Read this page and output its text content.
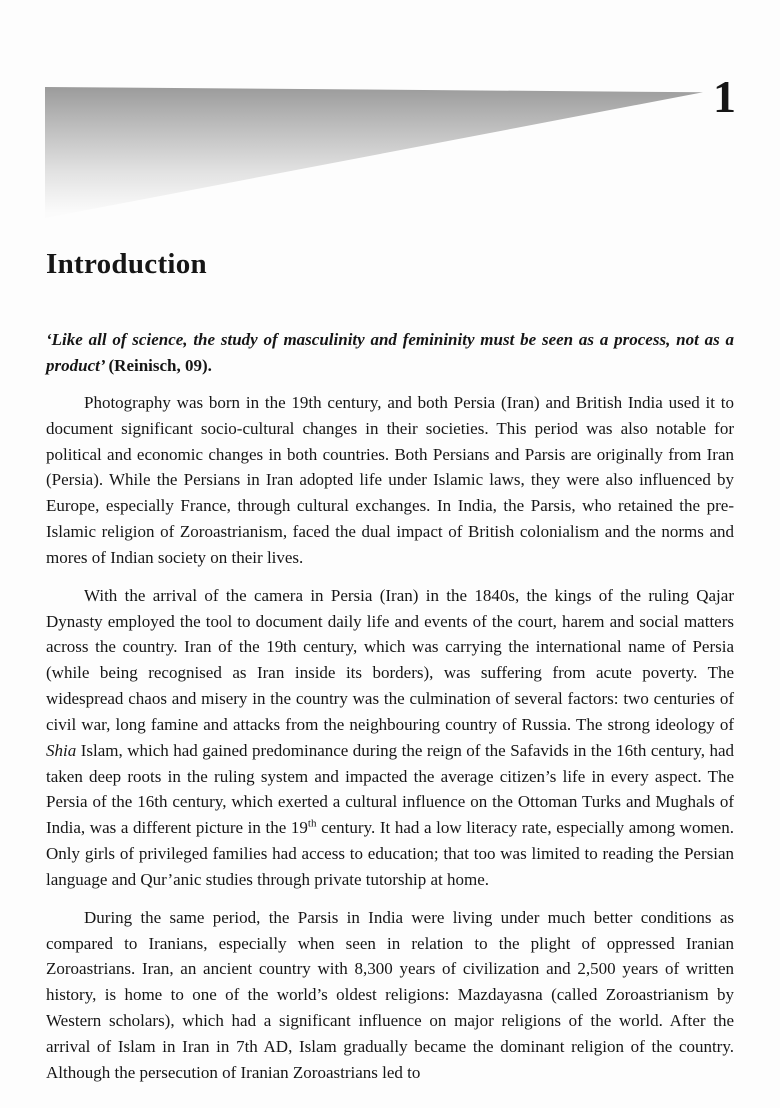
1
Introduction

‘Like all of science, the study of masculinity and femininity must be seen as a process, not as a product’ (Reinisch, 09).

Photography was born in the 19th century, and both Persia (Iran) and British India used it to document significant socio-cultural changes in their societies. This period was also notable for political and economic changes in both countries. Both Persians and Parsis are originally from Iran (Persia). While the Persians in Iran adopted life under Islamic laws, they were also influenced by Europe, especially France, through cultural exchanges. In India, the Parsis, who retained the pre-Islamic religion of Zoroastrianism, faced the dual impact of British colonialism and the norms and mores of Indian society on their lives.

With the arrival of the camera in Persia (Iran) in the 1840s, the kings of the ruling Qajar Dynasty employed the tool to document daily life and events of the court, harem and social matters across the country. Iran of the 19th century, which was carrying the international name of Persia (while being recognised as Iran inside its borders), was suffering from acute poverty. The widespread chaos and misery in the country was the culmination of several factors: two centuries of civil war, long famine and attacks from the neighbouring country of Russia. The strong ideology of Shia Islam, which had gained predominance during the reign of the Safavids in the 16th century, had taken deep roots in the ruling system and impacted the average citizen’s life in every aspect. The Persia of the 16th century, which exerted a cultural influence on the Ottoman Turks and Mughals of India, was a different picture in the 19th century. It had a low literacy rate, especially among women. Only girls of privileged families had access to education; that too was limited to reading the Persian language and Qur’anic studies through private tutorship at home.

During the same period, the Parsis in India were living under much better conditions as compared to Iranians, especially when seen in relation to the plight of oppressed Iranian Zoroastrians. Iran, an ancient country with 8,300 years of civilization and 2,500 years of written history, is home to one of the world’s oldest religions: Mazdayasna (called Zoroastrianism by Western scholars), which had a significant influence on major religions of the world. After the arrival of Islam in Iran in 7th AD, Islam gradually became the dominant religion of the country. Although the persecution of Iranian Zoroastrians led to
